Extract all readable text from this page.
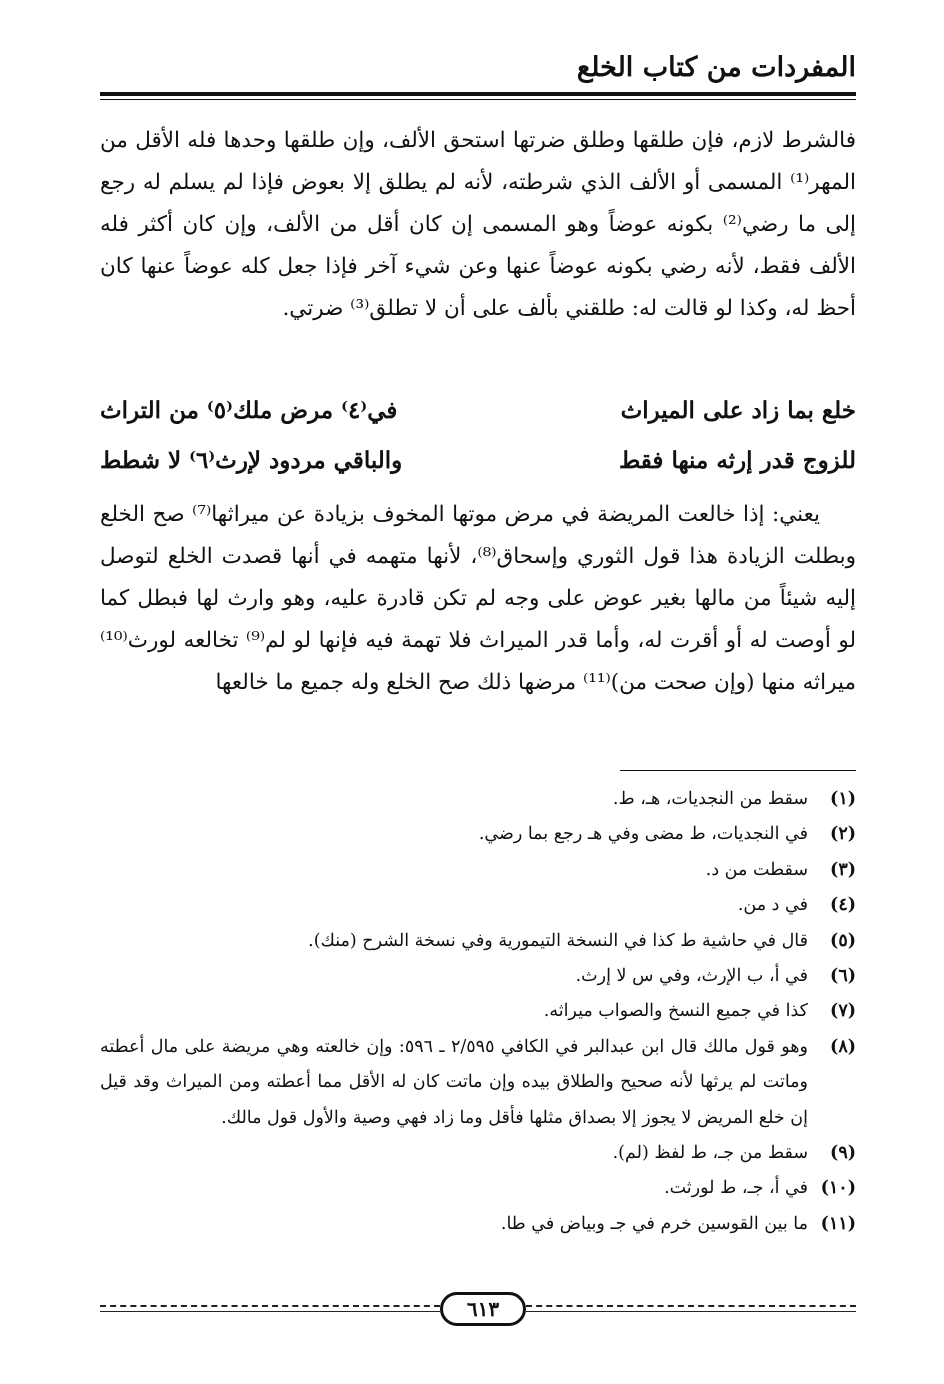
المفردات من كتاب الخلع

فالشرط لازم، فإن طلقها وطلق ضرتها استحق الألف، وإن طلقها وحدها فله الأقل من المهر⁽¹⁾ المسمى أو الألف الذي شرطته، لأنه لم يطلق إلا بعوض فإذا لم يسلم له رجع إلى ما رضي⁽²⁾ بكونه عوضاً وهو المسمى إن كان أقل من الألف، وإن كان أكثر فله الألف فقط، لأنه رضي بكونه عوضاً عنها وعن شيء آخر فإذا جعل كله عوضاً عنها كان أحظ له، وكذا لو قالت له: طلقني بألف على أن لا تطلق⁽³⁾ ضرتي.

خلع بما زاد على الميراث
في⁽٤⁾ مرض ملك⁽٥⁾ من التراث
للزوج قدر إرثه منها فقط
والباقي مردود لإرث⁽٦⁾ لا شطط

يعني: إذا خالعت المريضة في مرض موتها المخوف بزيادة عن ميراثها⁽⁷⁾ صح الخلع وبطلت الزيادة هذا قول الثوري وإسحاق⁽⁸⁾، لأنها متهمه في أنها قصدت الخلع لتوصل إليه شيئاً من مالها بغير عوض على وجه لم تكن قادرة عليه، وهو وارث لها فبطل كما لو أوصت له أو أقرت له، وأما قدر الميراث فلا تهمة فيه فإنها لو لم⁽⁹⁾ تخالعه لورث⁽¹⁰⁾ ميراثه منها (وإن صحت من)⁽¹¹⁾ مرضها ذلك صح الخلع وله جميع ما خالعها

(١)
سقط من النجديات، هـ، ط.
(٢)
في النجديات، ط مضى وفي هـ رجع بما رضي.
(٣)
سقطت من د.
(٤)
في د من.
(٥)
قال في حاشية ط كذا في النسخة التيمورية وفي نسخة الشرح (منك).
(٦)
في أ، ب الإرث، وفي س لا إرث.
(٧)
كذا في جميع النسخ والصواب ميراثه.
(٨)
وهو قول مالك قال ابن عبدالبر في الكافي ٢/٥٩٥ ـ ٥٩٦: وإن خالعته وهي مريضة على مال أعطته وماتت لم يرثها لأنه صحيح والطلاق بيده وإن ماتت كان له الأقل مما أعطته ومن الميراث وقد قيل إن خلع المريض لا يجوز إلا بصداق مثلها فأقل وما زاد فهي وصية والأول قول مالك.
(٩)
سقط من جـ، ط لفظ (لم).
(١٠)
في أ، جـ، ط لورثت.
(١١)
ما بين القوسين خرم في جـ وبياض في طا.
٦١٣
